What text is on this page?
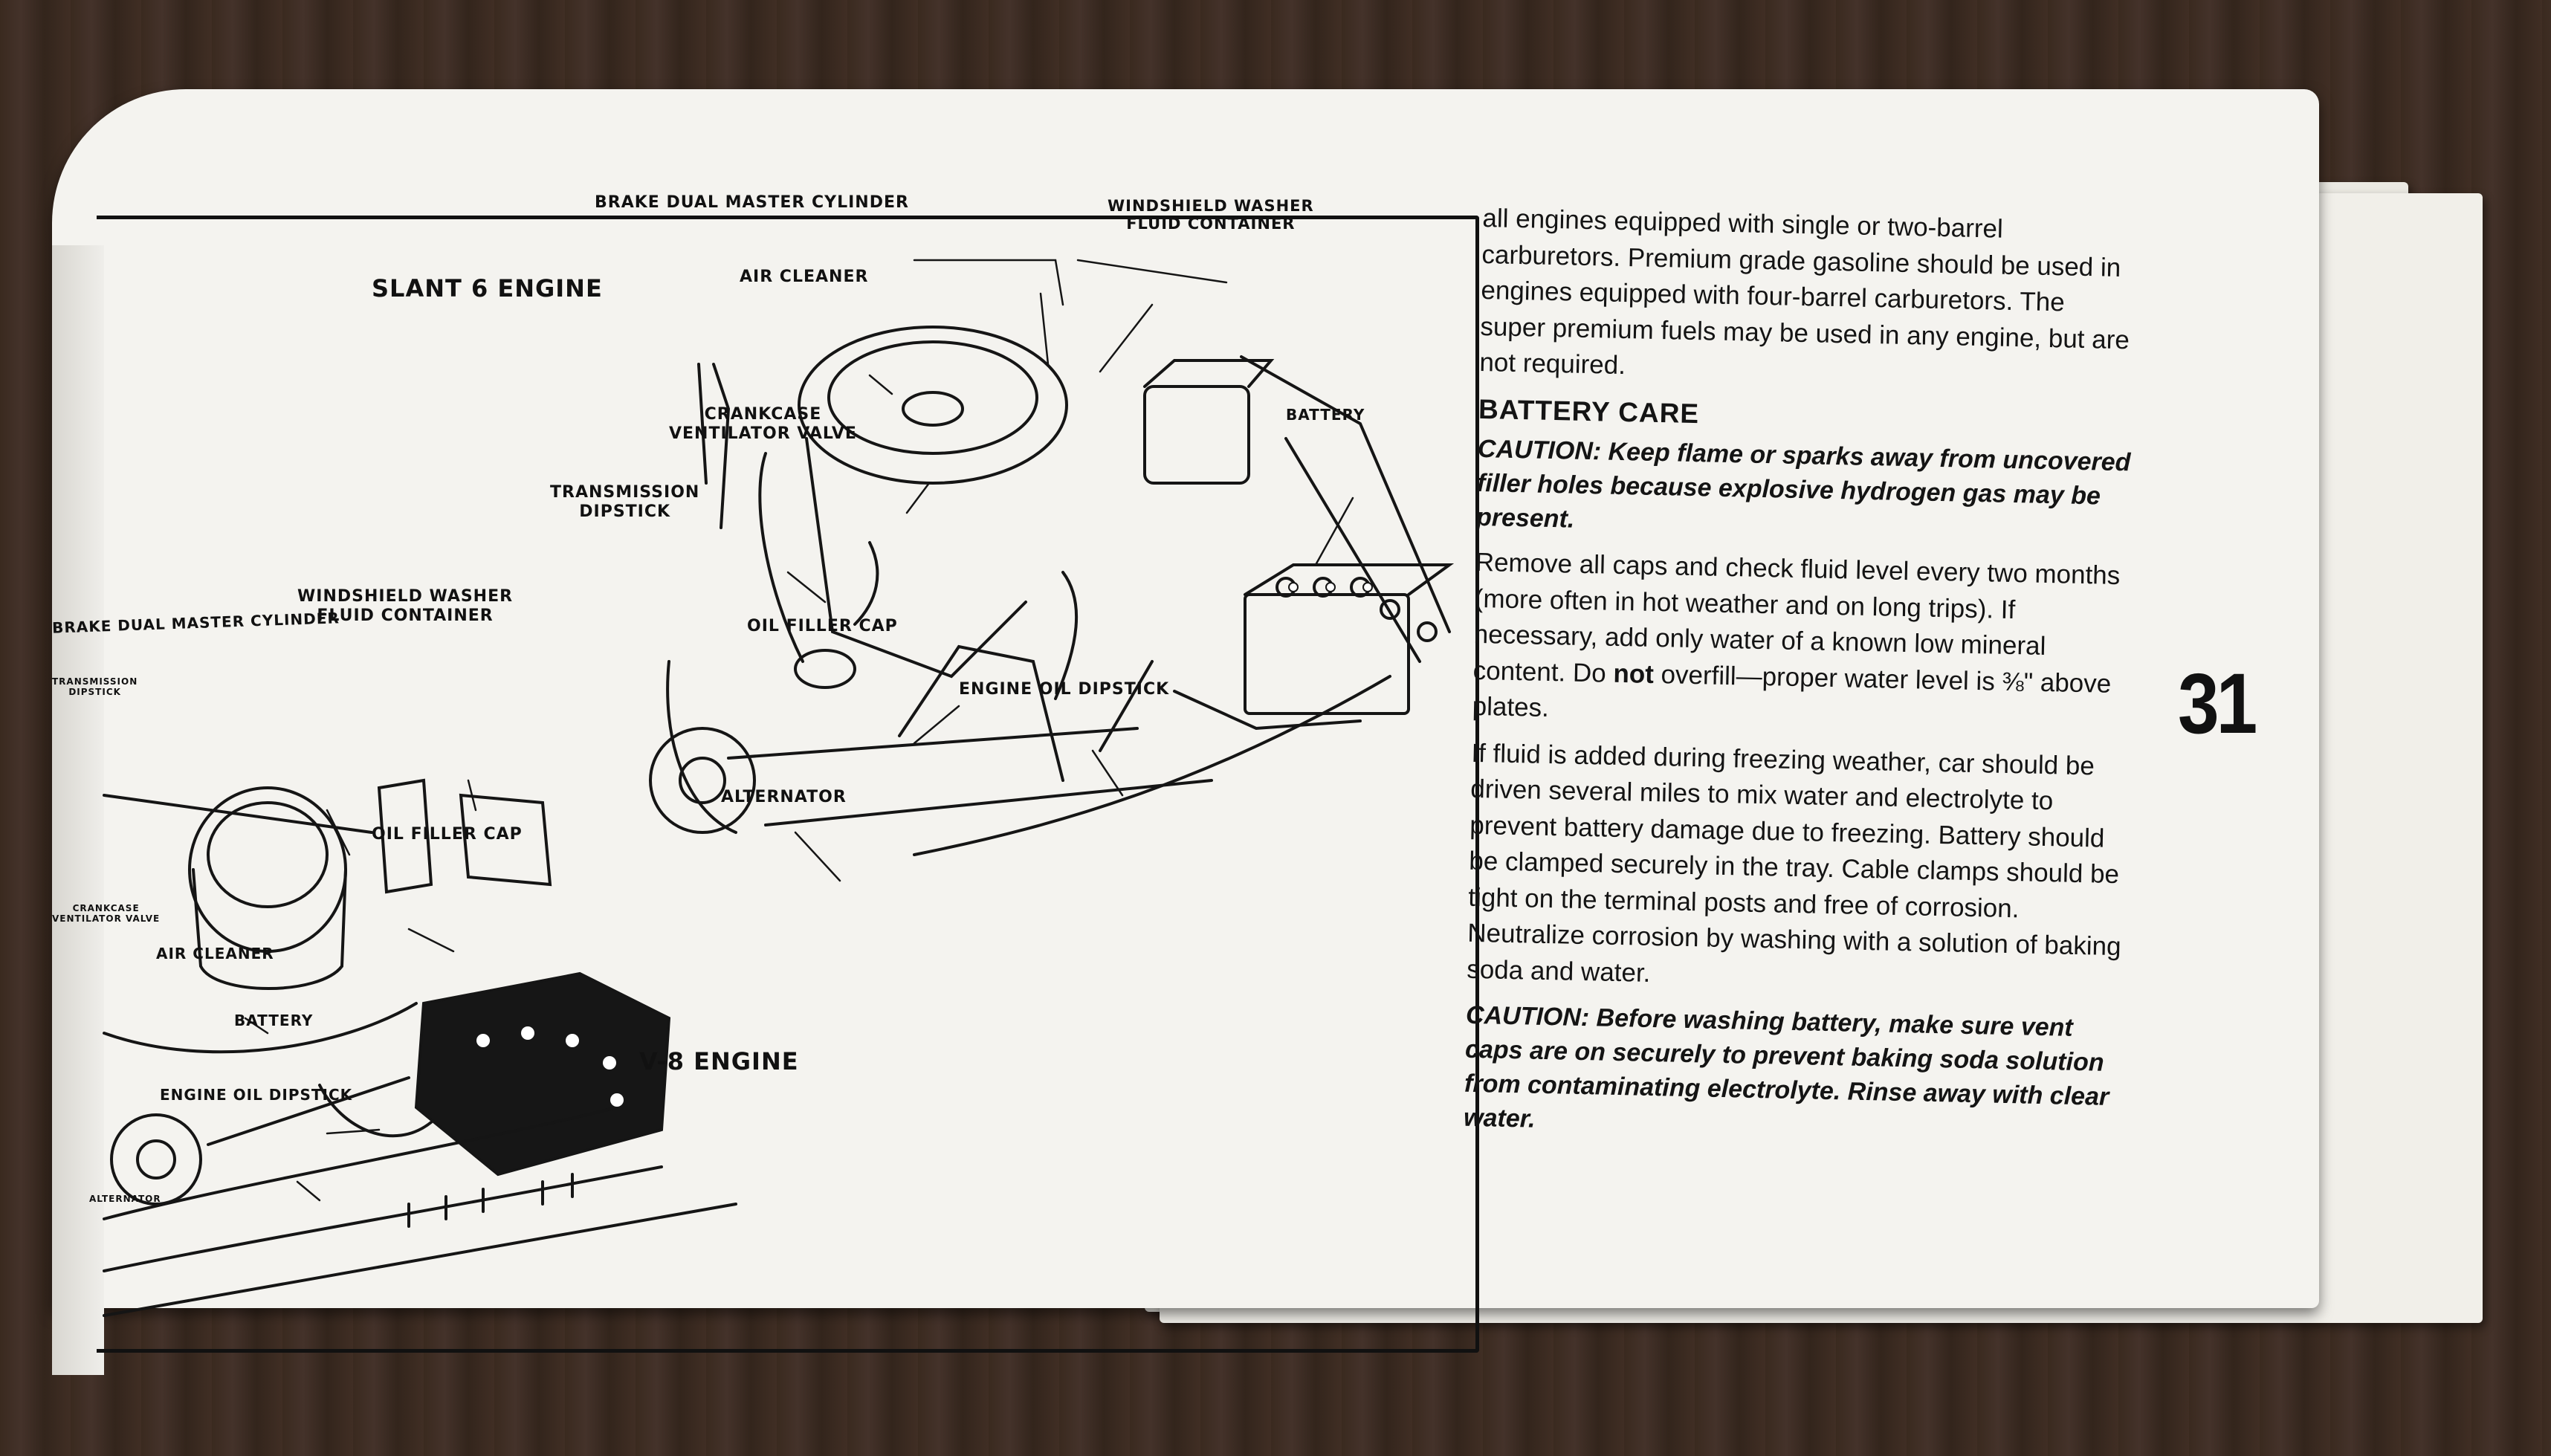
SLANT 6 ENGINE
BRAKE DUAL MASTER CYLINDER	WINDSHIELD WASHER
FLUID CONTAINER
AIR CLEANER
CRANKCASE
VENTILATOR VALVE
BATTERY
TRANSMISSION
DIPSTICK
OIL FILLER CAP
ENGINE OIL DIPSTICK
ALTERNATOR
V-8 ENGINE
BRAKE DUAL MASTER CYLINDER
WINDSHIELD WASHER
FLUID CONTAINER
TRANSMISSION
DIPSTICK
OIL FILLER CAP
CRANKCASE
VENTILATOR VALVE
AIR CLEANER
BATTERY
ENGINE OIL DIPSTICK
ALTERNATOR

all engines equipped with single or two-barrel carburetors. Premium grade gasoline should be used in engines equipped with four-barrel carburetors. The super premium fuels may be used in any engine, but are not required.

BATTERY CARE

CAUTION: Keep flame or sparks away from uncovered filler holes because explosive hydrogen gas may be present.

Remove all caps and check fluid level every two months (more often in hot weather and on long trips). If necessary, add only water of a known low mineral content. Do not overfill—proper water level is ⅜" above plates.

If fluid is added during freezing weather, car should be driven several miles to mix water and electrolyte to prevent battery damage due to freezing. Battery should be clamped securely in the tray. Cable clamps should be tight on the terminal posts and free of corrosion. Neutralize corrosion by washing with a solution of baking soda and water.

CAUTION: Before washing battery, make sure vent caps are on securely to prevent baking soda solution from contaminating electrolyte. Rinse away with clear water.

31
